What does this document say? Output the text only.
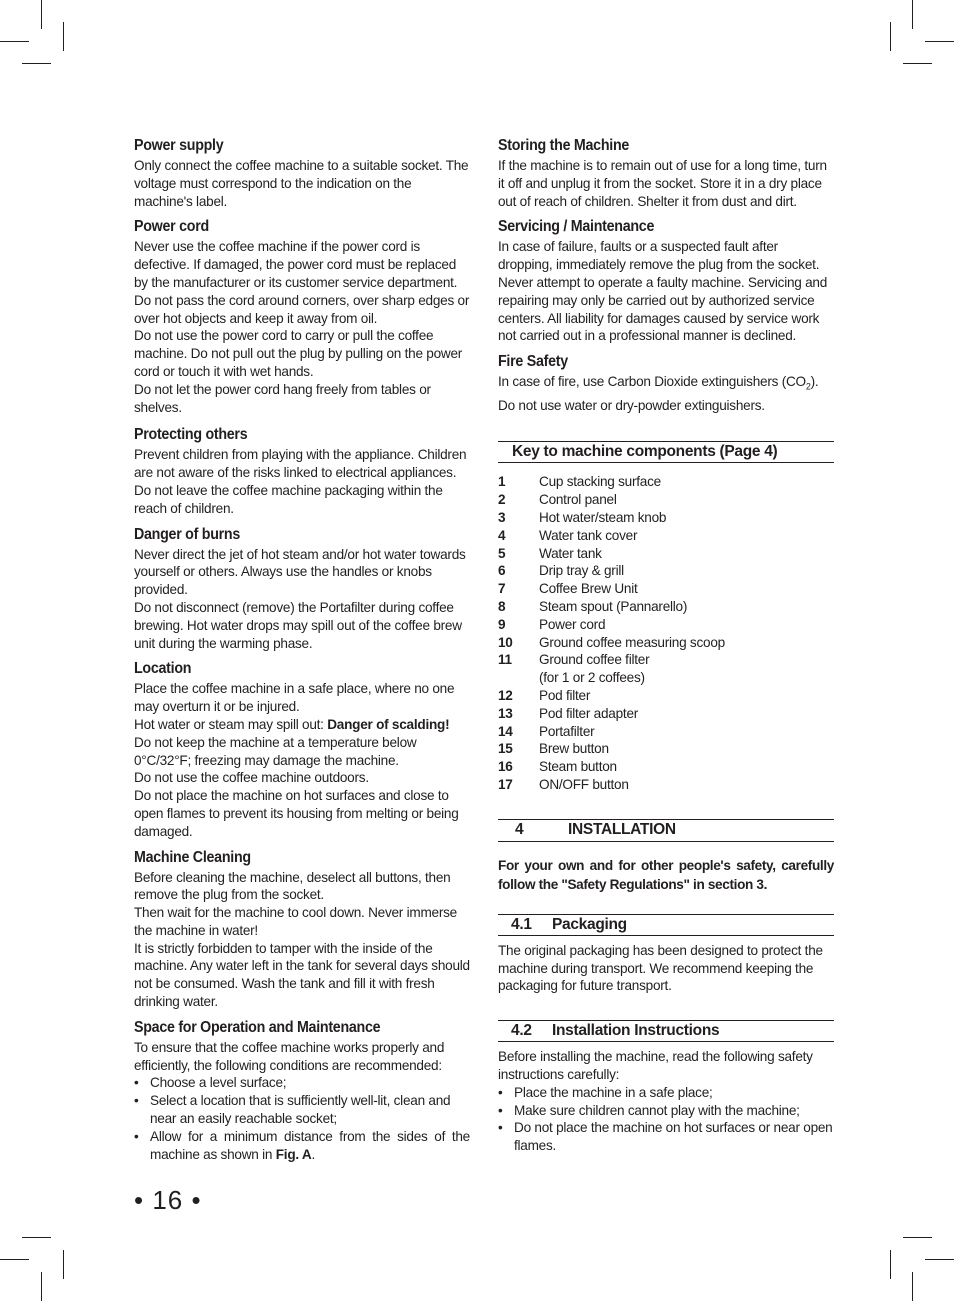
Power supply

Only connect the coffee machine to a suitable socket. The voltage must correspond to the indication on the machine's label.

Power cord

Never use the coffee machine if the power cord is defective. If damaged, the power cord must be replaced by the manufacturer or its customer service department. Do not pass the cord around corners, over sharp edges or over hot objects and keep it away from oil.

Do not use the power cord to carry or pull the coffee machine. Do not pull out the plug by pulling on the power cord or touch it with wet hands.

Do not let the power cord hang freely from tables or shelves.

Protecting others

Prevent children from playing with the appliance. Children are not aware of the risks linked to electrical appliances. Do not leave the coffee machine packaging within the reach of children.

Danger of burns

Never direct the jet of hot steam and/or hot water towards yourself or others. Always use the handles or knobs provided.

Do not disconnect (remove) the Portafilter during coffee brewing. Hot water drops may spill out of the coffee brew unit during the warming phase.

Location

Place the coffee machine in a safe place, where no one may overturn it or be injured.

Hot water or steam may spill out: Danger of scalding!

Do not keep the machine at a temperature below 0°C/32°F; freezing may damage the machine.

Do not use the coffee machine outdoors.

Do not place the machine on hot surfaces and close to open flames to prevent its housing from melting or being damaged.

Machine Cleaning

Before cleaning the machine, deselect all buttons, then remove the plug from the socket.

Then wait for the machine to cool down. Never immerse the machine in water!

It is strictly forbidden to tamper with the inside of the machine. Any water left in the tank for several days should not be consumed. Wash the tank and fill it with fresh drinking water.

Space for Operation and Maintenance

To ensure that the coffee machine works properly and efficiently, the following conditions are recommended:

• Choose a level surface;
• Select a location that is sufficiently well-lit, clean and near an easily reachable socket;
• Allow for a minimum distance from the sides of the machine as shown in Fig. A.
Storing the Machine

If the machine is to remain out of use for a long time, turn it off and unplug it from the socket. Store it in a dry place out of reach of children. Shelter it from dust and dirt.

Servicing / Maintenance

In case of failure, faults or a suspected fault after dropping, immediately remove the plug from the socket. Never attempt to operate a faulty machine. Servicing and repairing may only be carried out by authorized service centers. All liability for damages caused by service work not carried out in a professional manner is declined.

Fire Safety

In case of fire, use Carbon Dioxide extinguishers $(CO_2)$.

Do not use water or dry-powder extinguishers.

Key to machine components (Page 4)
1	Cup stacking surface
2	Control panel
3	Hot water/steam knob
4	Water tank cover
5	Water tank
6	Drip tray & grill
7	Coffee Brew Unit
8	Steam spout (Pannarello)
9	Power cord
10	Ground coffee measuring scoop
11	Ground coffee filter
(for 1 or 2 coffees)
12	Pod filter
13	Pod filter adapter
14	Portafilter
15	Brew button
16	Steam button
17	ON/OFF button
4	INSTALLATION

For your own and for other people's safety, carefully follow the "Safety Regulations" in section 3.

4.1 Packaging

The original packaging has been designed to protect the machine during transport. We recommend keeping the packaging for future transport.

4.2 Installation Instructions

Before installing the machine, read the following safety instructions carefully:

• Place the machine in a safe place;
• Make sure children cannot play with the machine;
• Do not place the machine on hot surfaces or near open flames.
• 16 •
